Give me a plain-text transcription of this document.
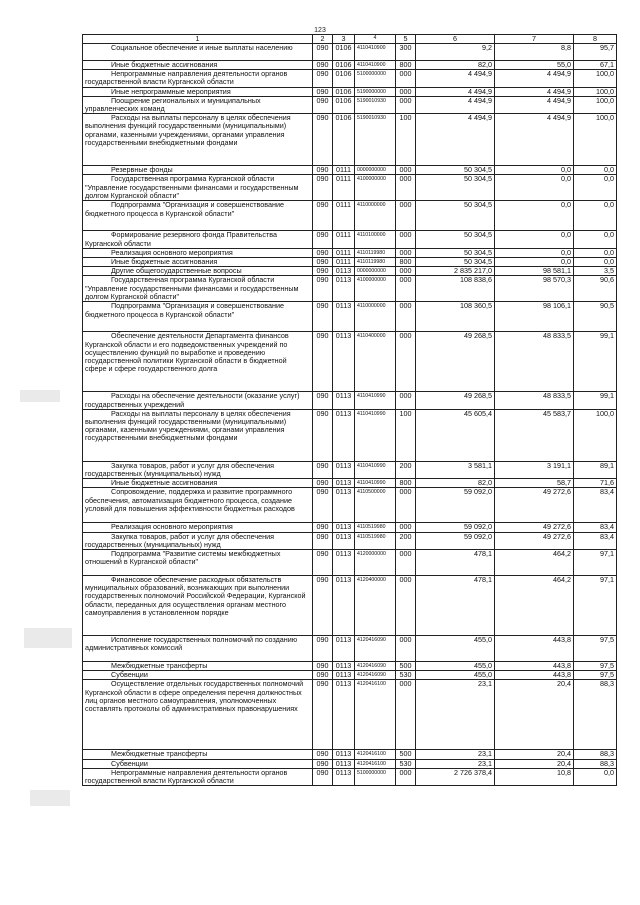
123
1	2	3	4	5	6	7	8
Социальное обеспечение и иные выплаты населению	090	0106	4110410900	300	9,2	8,8	95,7
Иные бюджетные ассигнования	090	0106	4110410900	800	82,0	55,0	67,1
Непрограммные направления деятельности органов государственной власти Курганской области	090	0106	5100000000	000	4 494,9	4 494,9	100,0
Иные непрограммные мероприятия	090	0106	5190000000	000	4 494,9	4 494,9	100,0
Поощрение региональных и муниципальных управленческих команд	090	0106	5190010930	000	4 494,9	4 494,9	100,0
Расходы на выплаты персоналу в целях обеспечения выполнения функций государственными (муниципальными) органами, казенными учреждениями, органами управления государственными внебюджетными фондами	090	0106	5190010930	100	4 494,9	4 494,9	100,0
Резервные фонды	090	0111	0000000000	000	50 304,5	0,0	0,0
Государственная программа Курганской области "Управление государственными финансами и государственным долгом Курганской области"	090	0111	4100000000	000	50 304,5	0,0	0,0
Подпрограмма "Организация и совершенствование бюджетного процесса в Курганской области"	090	0111	4110000000	000	50 304,5	0,0	0,0
Формирование резервного фонда Правительства Курганской области	090	0111	4110100000	000	50 304,5	0,0	0,0
Реализация основного мероприятия	090	0111	4110119980	000	50 304,5	0,0	0,0
Иные бюджетные ассигнования	090	0111	4110119980	800	50 304,5	0,0	0,0
Другие общегосударственные вопросы	090	0113	0000000000	000	2 835 217,0	98 581,1	3,5
Государственная программа Курганской области "Управление государственными финансами и государственным долгом Курганской области"	090	0113	4100000000	000	108 838,6	98 570,3	90,6
Подпрограмма "Организация и совершенствование бюджетного процесса в Курганской области"	090	0113	4110000000	000	108 360,5	98 106,1	90,5
Обеспечение деятельности Департамента финансов Курганской области и его подведомственных учреждений по осуществлению функций по выработке и проведению государственной политики Курганской области в бюджетной сфере и сфере государственного долга	090	0113	4110400000	000	49 268,5	48 833,5	99,1
Расходы на обеспечение деятельности (оказание услуг) государственных учреждений	090	0113	4110410990	000	49 268,5	48 833,5	99,1
Расходы на выплаты персоналу в целях обеспечения выполнения функций государственными (муниципальными) органами, казенными учреждениями, органами управления государственными внебюджетными фондами	090	0113	4110410990	100	45 605,4	45 583,7	100,0
Закупка товаров, работ и услуг для обеспечения государственных (муниципальных) нужд	090	0113	4110410990	200	3 581,1	3 191,1	89,1
Иные бюджетные ассигнования	090	0113	4110410990	800	82,0	58,7	71,6
Сопровождение, поддержка и развитие программного обеспечения, автоматизация бюджетного процесса, создание условий для повышения эффективности бюджетных расходов	090	0113	4110500000	000	59 092,0	49 272,6	83,4
Реализация основного мероприятия	090	0113	4110519980	000	59 092,0	49 272,6	83,4
Закупка товаров, работ и услуг для обеспечения государственных (муниципальных) нужд	090	0113	4110519980	200	59 092,0	49 272,6	83,4
Подпрограмма "Развитие системы межбюджетных отношений в Курганской области"	090	0113	4120000000	000	478,1	464,2	97,1
Финансовое обеспечение расходных обязательств муниципальных образований, возникающих при выполнении государственных полномочий Российской Федерации, Курганской области, переданных для осуществления органам местного самоуправления в установленном порядке	090	0113	4120400000	000	478,1	464,2	97,1
Исполнение государственных полномочий по созданию административных комиссий	090	0113	4120416090	000	455,0	443,8	97,5
Межбюджетные трансферты	090	0113	4120416090	500	455,0	443,8	97,5
Субвенции	090	0113	4120416090	530	455,0	443,8	97,5
Осуществление отдельных государственных полномочий Курганской области в сфере определения перечня должностных лиц органов местного самоуправления, уполномоченных составлять протоколы об административных правонарушениях	090	0113	4120416100	000	23,1	20,4	88,3
Межбюджетные трансферты	090	0113	4120416100	500	23,1	20,4	88,3
Субвенции	090	0113	4120416100	530	23,1	20,4	88,3
Непрограммные направления деятельности органов государственной власти Курганской области	090	0113	5100000000	000	2 726 378,4	10,8	0,0
